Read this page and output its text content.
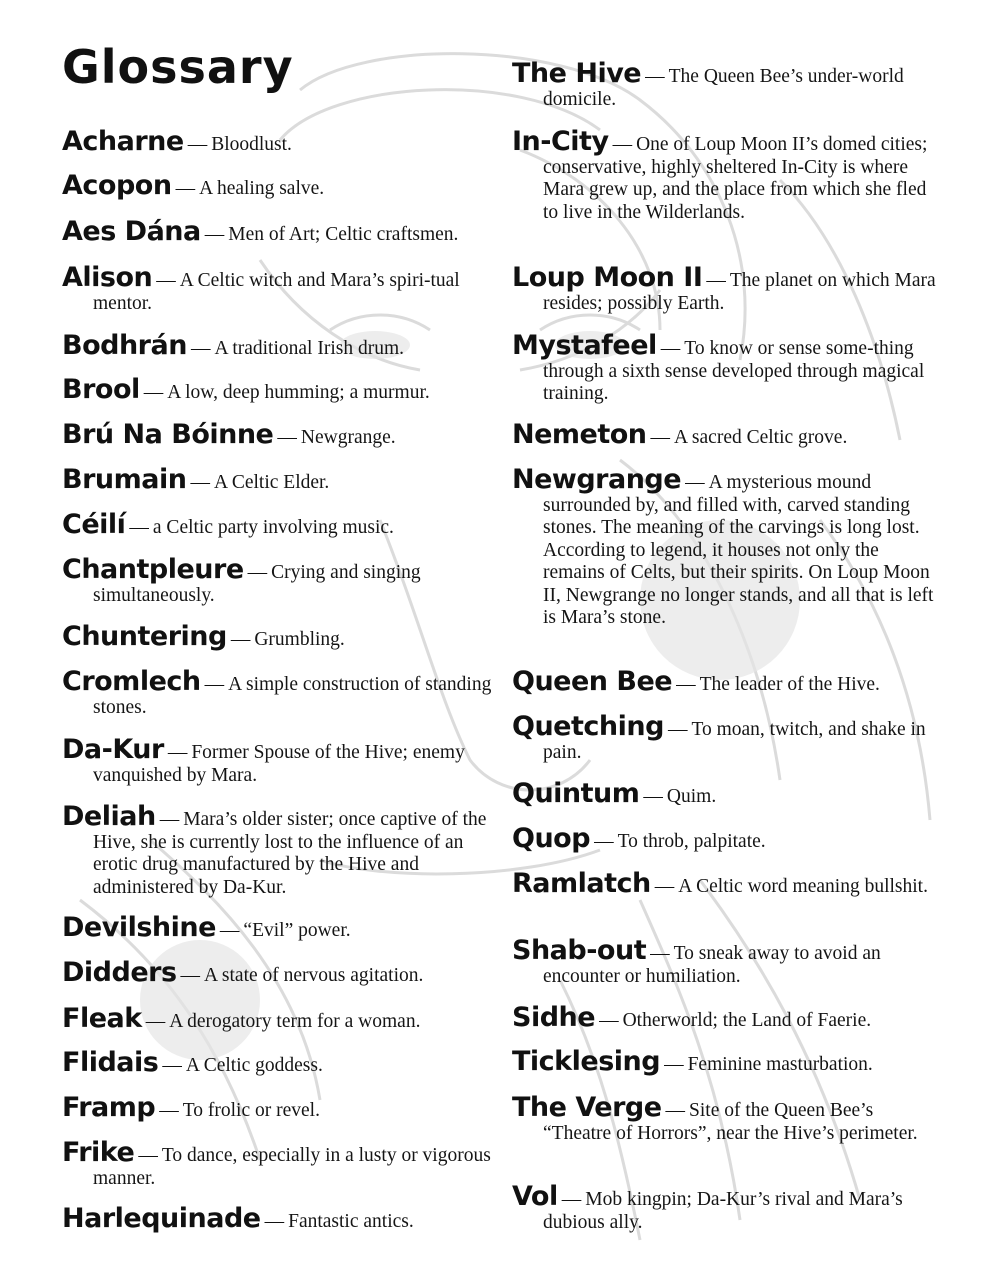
Glossary
Acharne — Bloodlust.
Acopon — A healing salve.
Aes Dána — Men of Art; Celtic craftsmen.
Alison — A Celtic witch and Mara’s spiri-tual mentor.
Bodhrán — A traditional Irish drum.
Brool — A low, deep humming; a murmur.
Brú Na Bóinne — Newgrange.
Brumain — A Celtic Elder.
Céilí — a Celtic party involving music.
Chantpleure — Crying and singing simultaneously.
Chuntering — Grumbling.
Cromlech — A simple construction of standing stones.
Da-Kur — Former Spouse of the Hive; enemy vanquished by Mara.
Deliah — Mara’s older sister; once captive of the Hive, she is currently lost to the influence of an erotic drug manufactured by the Hive and administered by Da-Kur.
Devilshine — “Evil” power.
Didders — A state of nervous agitation.
Fleak — A derogatory term for a woman.
Flidais — A Celtic goddess.
Framp — To frolic or revel.
Frike — To dance, especially in a lusty or vigorous manner.
Harlequinade — Fantastic antics.
The Hive — The Queen Bee’s under-world domicile.
In-City — One of Loup Moon II’s domed cities; conservative, highly sheltered In-City is where Mara grew up, and the place from which she fled to live in the Wilderlands.
Loup Moon II — The planet on which Mara resides; possibly Earth.
Mystafeel — To know or sense some-thing through a sixth sense developed through magical training.
Nemeton — A sacred Celtic grove.
Newgrange — A mysterious mound surrounded by, and filled with, carved standing stones. The meaning of the carvings is long lost. According to legend, it houses not only the remains of Celts, but their spirits. On Loup Moon II, Newgrange no longer stands, and all that is left is Mara’s stone.
Queen Bee — The leader of the Hive.
Quetching — To moan, twitch, and shake in pain.
Quintum — Quim.
Quop — To throb, palpitate.
Ramlatch — A Celtic word meaning bullshit.
Shab-out — To sneak away to avoid an encounter or humiliation.
Sidhe — Otherworld; the Land of Faerie.
Ticklesing — Feminine masturbation.
The Verge — Site of the Queen Bee’s “Theatre of Horrors”, near the Hive’s perimeter.
Vol — Mob kingpin; Da-Kur’s rival and Mara’s dubious ally.
